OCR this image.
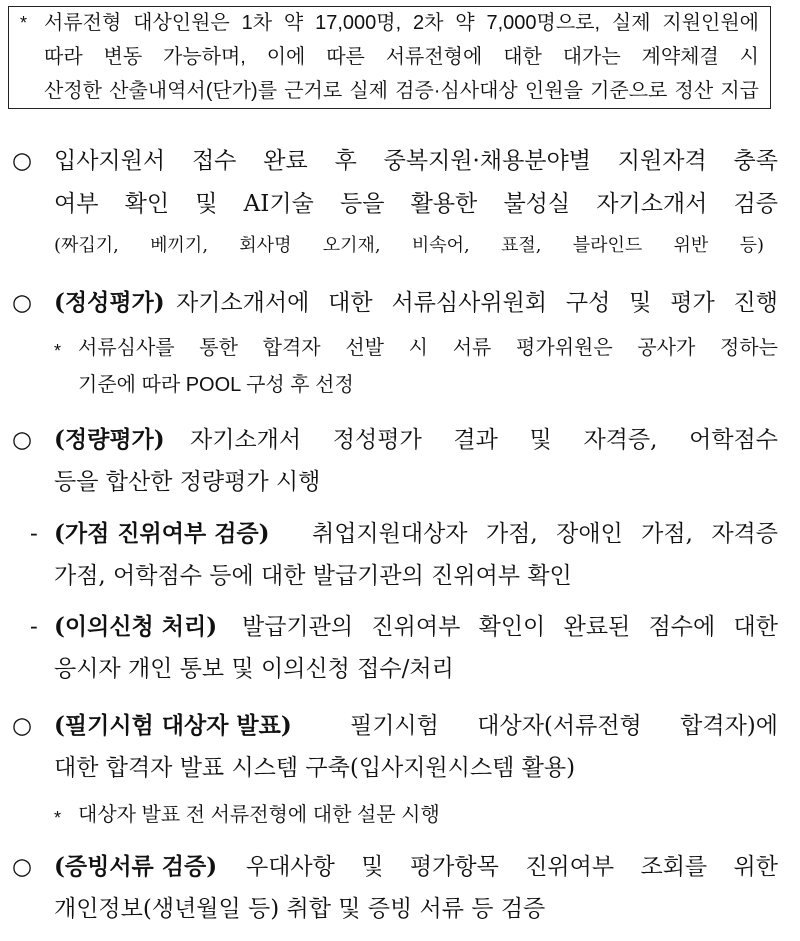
* 서류전형 대상인원은 1차 약 17,000명, 2차 약 7,000명으로, 실제 지원인원에
따라 변동 가능하며, 이에 따른 서류전형에 대한 대가는 계약체결 시
산정한 산출내역서(단가)를 근거로 실제 검증·심사대상 인원을 기준으로 정산 지급
○ 입사지원서 접수 완료 후 중복지원·채용분야별 지원자격 충족
여부 확인 및 AI기술 등을 활용한 불성실 자기소개서 검증
(짜깁기, 베끼기, 회사명 오기재, 비속어, 표절, 블라인드 위반 등)
○ (정성평가) 자기소개서에 대한 서류심사위원회 구성 및 평가 진행
* 서류심사를 통한 합격자 선발 시 서류 평가위원은 공사가 정하는
기준에 따라 POOL 구성 후 선정
○ (정량평가) 자기소개서 정성평가 결과 및 자격증, 어학점수
등을 합산한 정량평가 시행
- (가점 진위여부 검증) 취업지원대상자 가점, 장애인 가점, 자격증
가점, 어학점수 등에 대한 발급기관의 진위여부 확인
- (이의신청 처리) 발급기관의 진위여부 확인이 완료된 점수에 대한
응시자 개인 통보 및 이의신청 접수/처리
○ (필기시험 대상자 발표)	필기시험 대상자(서류전형 합격자)에
대한 합격자 발표 시스템 구축(입사지원시스템 활용)
* 대상자 발표 전 서류전형에 대한 설문 시행
○ (증빙서류 검증) 우대사항 및 평가항목 진위여부 조회를 위한
개인정보(생년월일 등) 취합 및 증빙 서류 등 검증
